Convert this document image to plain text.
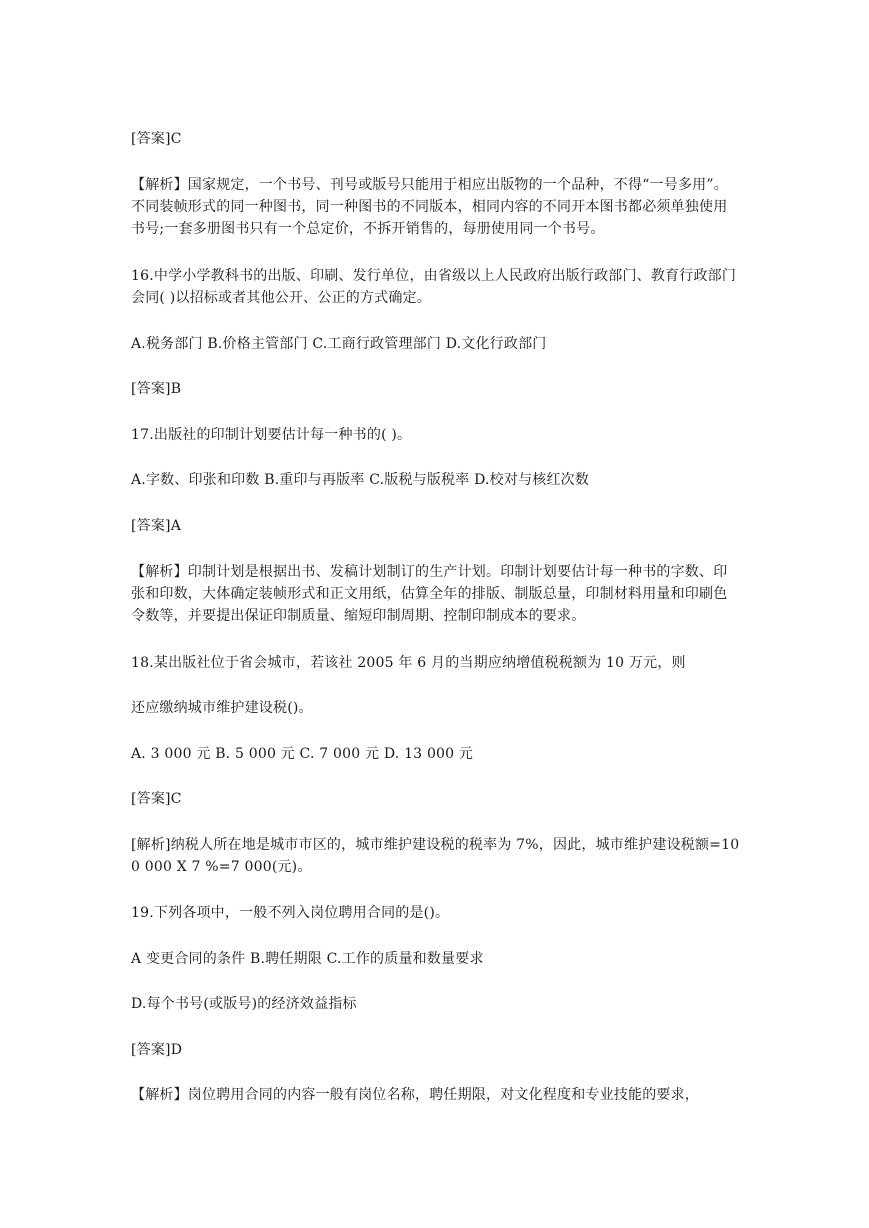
[答案]C

【解析】国家规定，一个书号、刊号或版号只能用于相应出版物的一个品种，不得“一号多用”。不同装帧形式的同一种图书，同一种图书的不同版本，相同内容的不同开本图书都必须单独使用书号;一套多册图书只有一个总定价，不拆开销售的，每册使用同一个书号。

16.中学小学教科书的出版、印刷、发行单位，由省级以上人民政府出版行政部门、教育行政部门会同( )以招标或者其他公开、公正的方式确定。

A.税务部门 B.价格主管部门 C.工商行政管理部门 D.文化行政部门

[答案]B

17.出版社的印制计划要估计每一种书的( )。

A.字数、印张和印数 B.重印与再版率 C.版税与版税率 D.校对与核红次数

[答案]A

【解析】印制计划是根据出书、发稿计划制订的生产计划。印制计划要估计每一种书的字数、印张和印数，大体确定装帧形式和正文用纸，估算全年的排版、制版总量，印制材料用量和印刷色令数等，并要提出保证印制质量、缩短印制周期、控制印制成本的要求。

18.某出版社位于省会城市，若该社 2005 年 6 月的当期应纳增值税税额为 10 万元，则

还应缴纳城市维护建设税()。

A. 3 000 元 B. 5 000 元 C. 7 000 元 D. 13 000 元

[答案]C

[解析]纳税人所在地是城市市区的，城市维护建设税的税率为 7%，因此，城市维护建设税额=100 000 X 7 %=7 000(元)。

19.下列各项中，一般不列入岗位聘用合同的是()。

A 变更合同的条件 B.聘任期限 C.工作的质量和数量要求

D.每个书号(或版号)的经济效益指标

[答案]D

【解析】岗位聘用合同的内容一般有岗位名称，聘任期限，对文化程度和专业技能的要求，
